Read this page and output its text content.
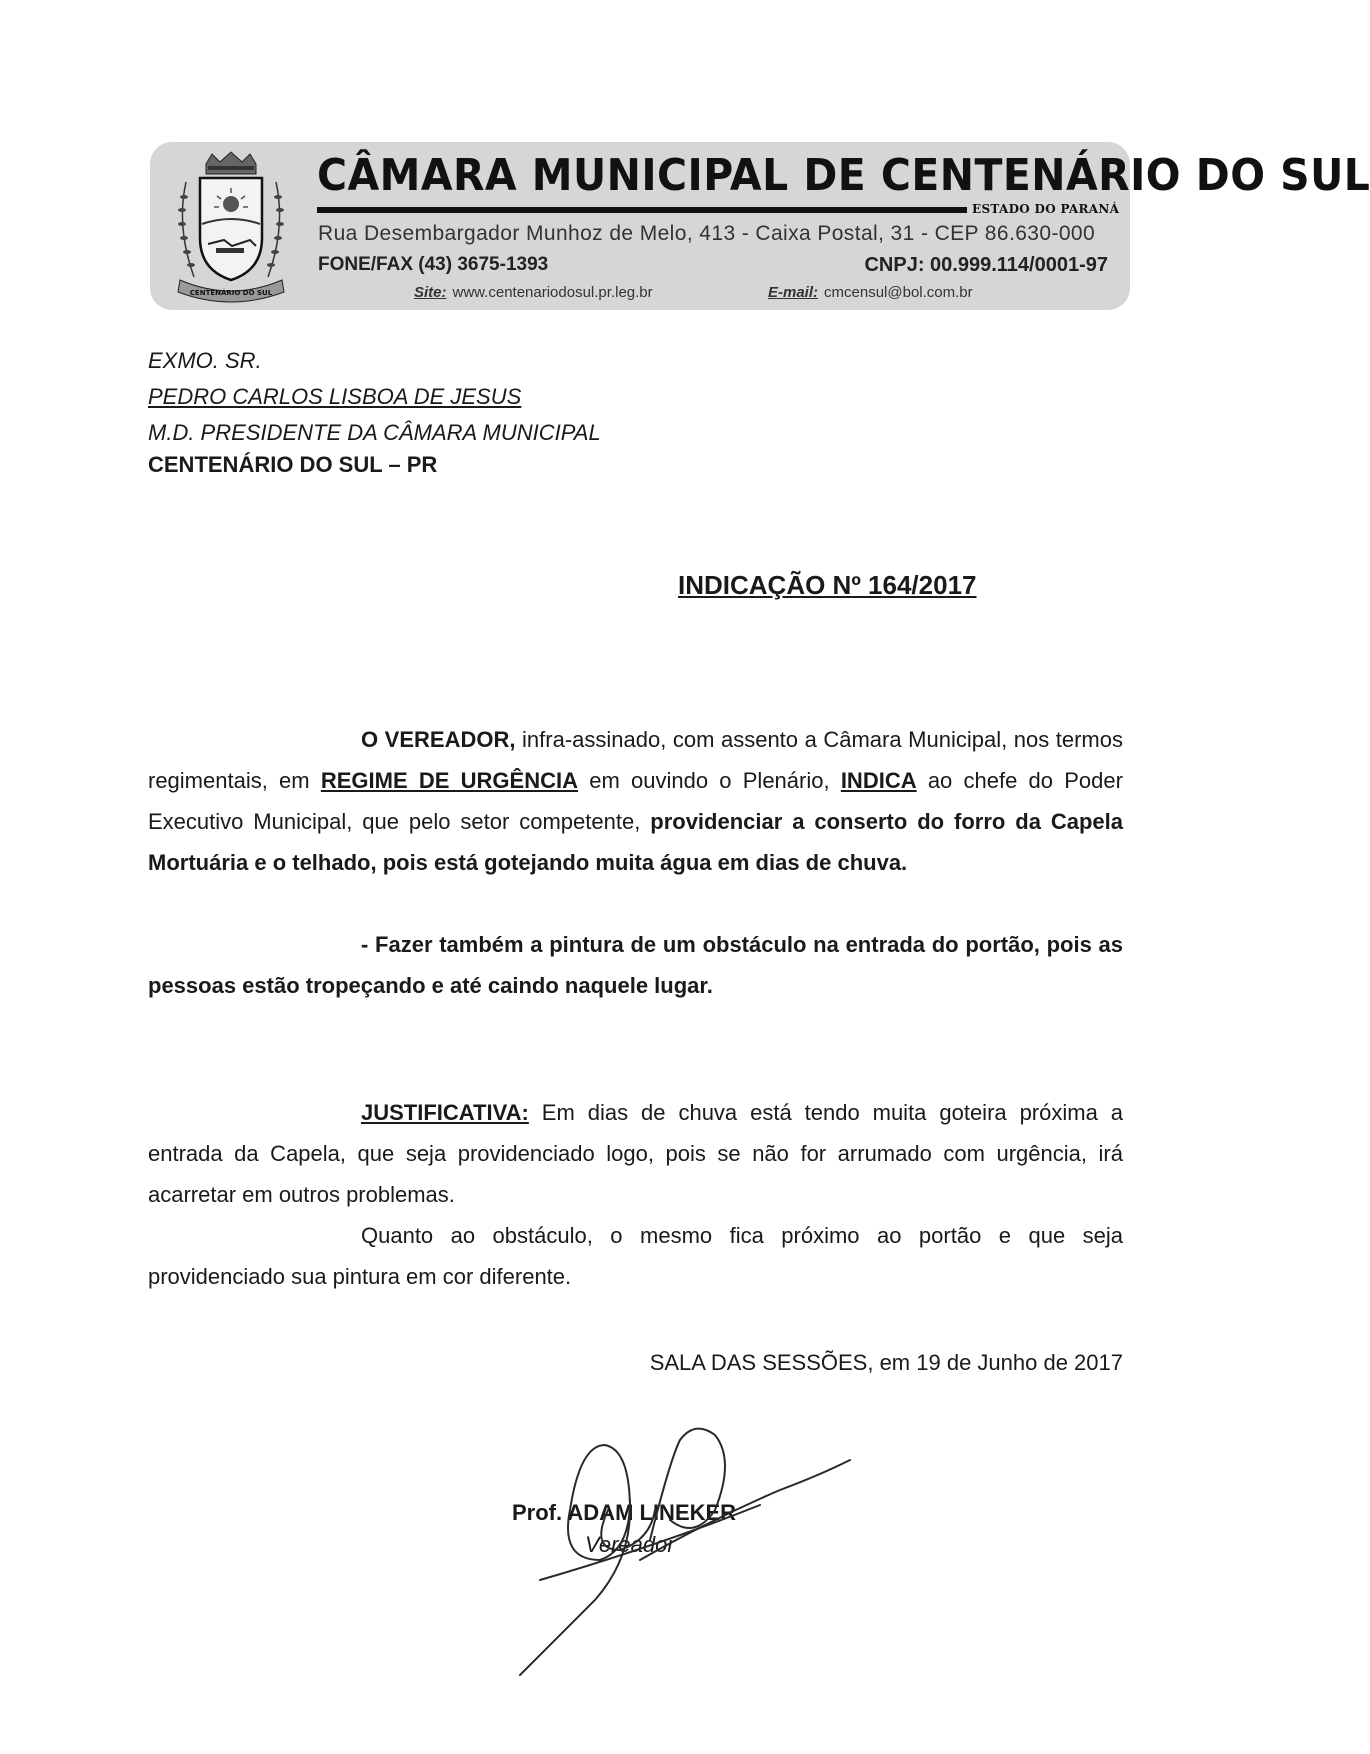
CENTENÁRIO DO SUL
CÂMARA MUNICIPAL DE CENTENÁRIO DO SUL
ESTADO DO PARANÁ
Rua Desembargador Munhoz de Melo, 413 - Caixa Postal, 31 - CEP 86.630-000
FONE/FAX (43) 3675-1393	CNPJ: 00.999.114/0001-97
Site: www.centenariodosul.pr.leg.br	E-mail: cmcensul@bol.com.br
EXMO. SR.
PEDRO CARLOS LISBOA DE JESUS
M.D. PRESIDENTE DA CÂMARA MUNICIPAL
CENTENÁRIO DO SUL – PR
INDICAÇÃO Nº 164/2017
O VEREADOR, infra-assinado, com assento a Câmara Municipal, nos termos regimentais, em REGIME DE URGÊNCIA em ouvindo o Plenário, INDICA ao chefe do Poder Executivo Municipal, que pelo setor competente, providenciar a conserto do forro da Capela Mortuária e o telhado, pois está gotejando muita água em dias de chuva.
- Fazer também a pintura de um obstáculo na entrada do portão, pois as pessoas estão tropeçando e até caindo naquele lugar.
JUSTIFICATIVA: Em dias de chuva está tendo muita goteira próxima a entrada da Capela, que seja providenciado logo, pois se não for arrumado com urgência, irá acarretar em outros problemas.
Quanto ao obstáculo, o mesmo fica próximo ao portão e que seja providenciado sua pintura em cor diferente.
SALA DAS SESSÕES, em 19 de Junho de 2017
Prof. ADAM LINEKER
Vereador
